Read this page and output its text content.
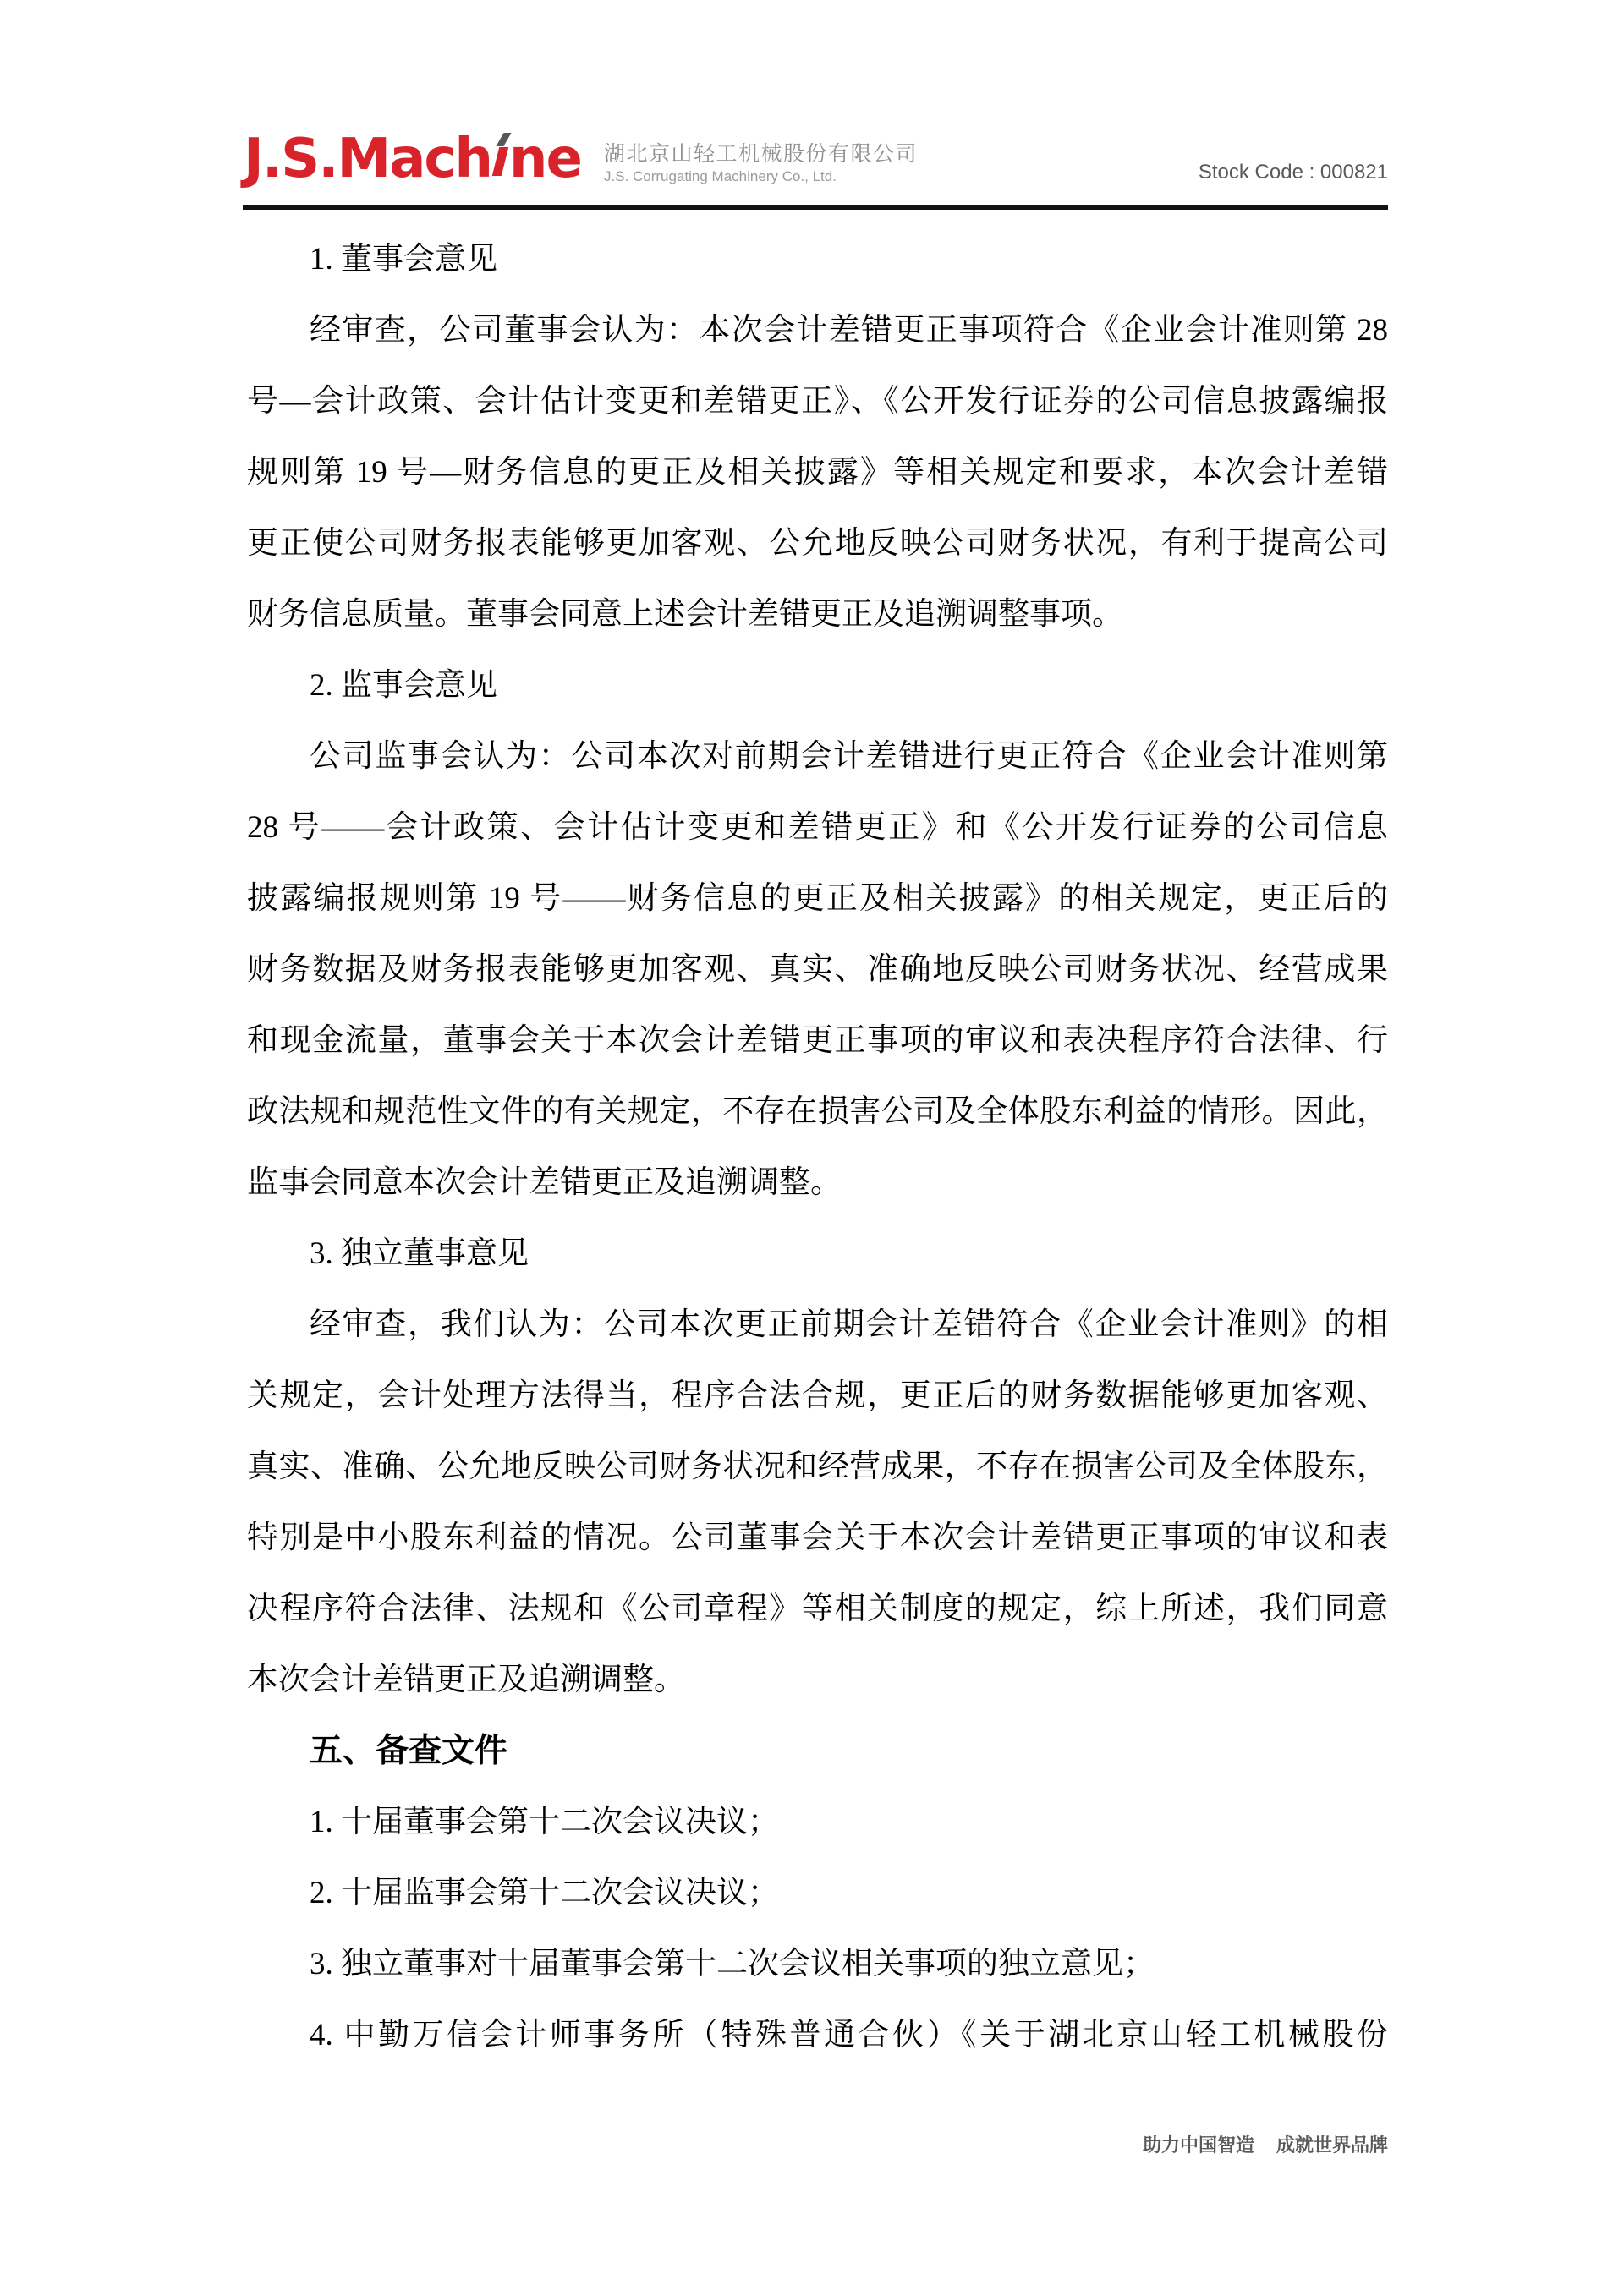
J.S.Mach ne 湖北京山轻工机械股份有限公司
J.S. Corrugating Machinery Co., Ltd.	Stock Code : 000821
1. 董事会意见
经审查，公司董事会认为：本次会计差错更正事项符合《企业会计准则第 28
号—会计政策、会计估计变更和差错更正》、《公开发行证券的公司信息披露编报
规则第 19 号—财务信息的更正及相关披露》等相关规定和要求，本次会计差错
更正使公司财务报表能够更加客观、公允地反映公司财务状况，有利于提高公司
财务信息质量。董事会同意上述会计差错更正及追溯调整事项。
2. 监事会意见
公司监事会认为：公司本次对前期会计差错进行更正符合《企业会计准则第
28 号——会计政策、会计估计变更和差错更正》和《公开发行证券的公司信息
披露编报规则第 19 号——财务信息的更正及相关披露》的相关规定，更正后的
财务数据及财务报表能够更加客观、真实、准确地反映公司财务状况、经营成果
和现金流量，董事会关于本次会计差错更正事项的审议和表决程序符合法律、行
政法规和规范性文件的有关规定，不存在损害公司及全体股东利益的情形。因此，
监事会同意本次会计差错更正及追溯调整。
3. 独立董事意见
经审查，我们认为：公司本次更正前期会计差错符合《企业会计准则》的相
关规定，会计处理方法得当，程序合法合规，更正后的财务数据能够更加客观、
真实、准确、公允地反映公司财务状况和经营成果，不存在损害公司及全体股东，
特别是中小股东利益的情况。公司董事会关于本次会计差错更正事项的审议和表
决程序符合法律、法规和《公司章程》等相关制度的规定，综上所述，我们同意
本次会计差错更正及追溯调整。
五、备查文件
1. 十届董事会第十二次会议决议；
2. 十届监事会第十二次会议决议；
3. 独立董事对十届董事会第十二次会议相关事项的独立意见；
4. 中勤万信会计师事务所（特殊普通合伙）《关于湖北京山轻工机械股份
助力中国智造 成就世界品牌
